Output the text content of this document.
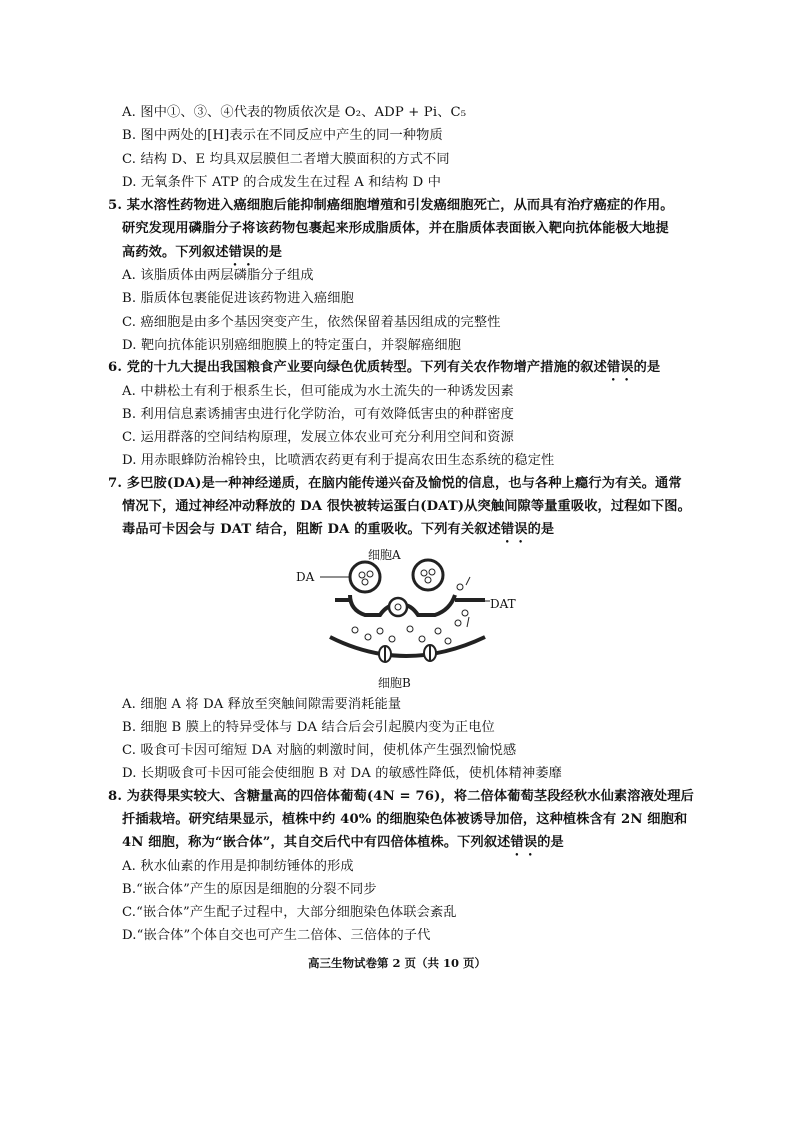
A. 图中①、③、④代表的物质依次是 O₂、ADP + Pi、C₅
B. 图中两处的[H]表示在不同反应中产生的同一种物质
C. 结构 D、E 均具双层膜但二者增大膜面积的方式不同
D. 无氧条件下 ATP 的合成发生在过程 A 和结构 D 中
5. 某水溶性药物进入癌细胞后能抑制癌细胞增殖和引发癌细胞死亡，从而具有治疗癌症的作用。
研究发现用磷脂分子将该药物包裹起来形成脂质体，并在脂质体表面嵌入靶向抗体能极大地提
高药效。下列叙述错误的是
A. 该脂质体由两层磷脂分子组成
B. 脂质体包裹能促进该药物进入癌细胞
C. 癌细胞是由多个基因突变产生，依然保留着基因组成的完整性
D. 靶向抗体能识别癌细胞膜上的特定蛋白，并裂解癌细胞
6. 党的十九大提出我国粮食产业要向绿色优质转型。下列有关农作物增产措施的叙述错误的是
A. 中耕松土有利于根系生长，但可能成为水土流失的一种诱发因素
B. 利用信息素诱捕害虫进行化学防治，可有效降低害虫的种群密度
C. 运用群落的空间结构原理，发展立体农业可充分利用空间和资源
D. 用赤眼蜂防治棉铃虫，比喷洒农药更有利于提高农田生态系统的稳定性
7. 多巴胺(DA)是一种神经递质，在脑内能传递兴奋及愉悦的信息，也与各种上瘾行为有关。通常
情况下，通过神经冲动释放的 DA 很快被转运蛋白(DAT)从突触间隙等量重吸收，过程如下图。
毒品可卡因会与 DAT 结合，阻断 DA 的重吸收。下列有关叙述错误的是
细胞A
DA
DAT
细胞B
A. 细胞 A 将 DA 释放至突触间隙需要消耗能量
B. 细胞 B 膜上的特异受体与 DA 结合后会引起膜内变为正电位
C. 吸食可卡因可缩短 DA 对脑的刺激时间，使机体产生强烈愉悦感
D. 长期吸食可卡因可能会使细胞 B 对 DA 的敏感性降低，使机体精神萎靡
8. 为获得果实较大、含糖量高的四倍体葡萄(4N = 76)，将二倍体葡萄茎段经秋水仙素溶液处理后
扦插栽培。研究结果显示，植株中约 40% 的细胞染色体被诱导加倍，这种植株含有 2N 细胞和
4N 细胞，称为“嵌合体”，其自交后代中有四倍体植株。下列叙述错误的是
A. 秋水仙素的作用是抑制纺锤体的形成
B.“嵌合体”产生的原因是细胞的分裂不同步
C.“嵌合体”产生配子过程中，大部分细胞染色体联会紊乱
D.“嵌合体”个体自交也可产生二倍体、三倍体的子代
高三生物试卷第 2 页（共 10 页）
